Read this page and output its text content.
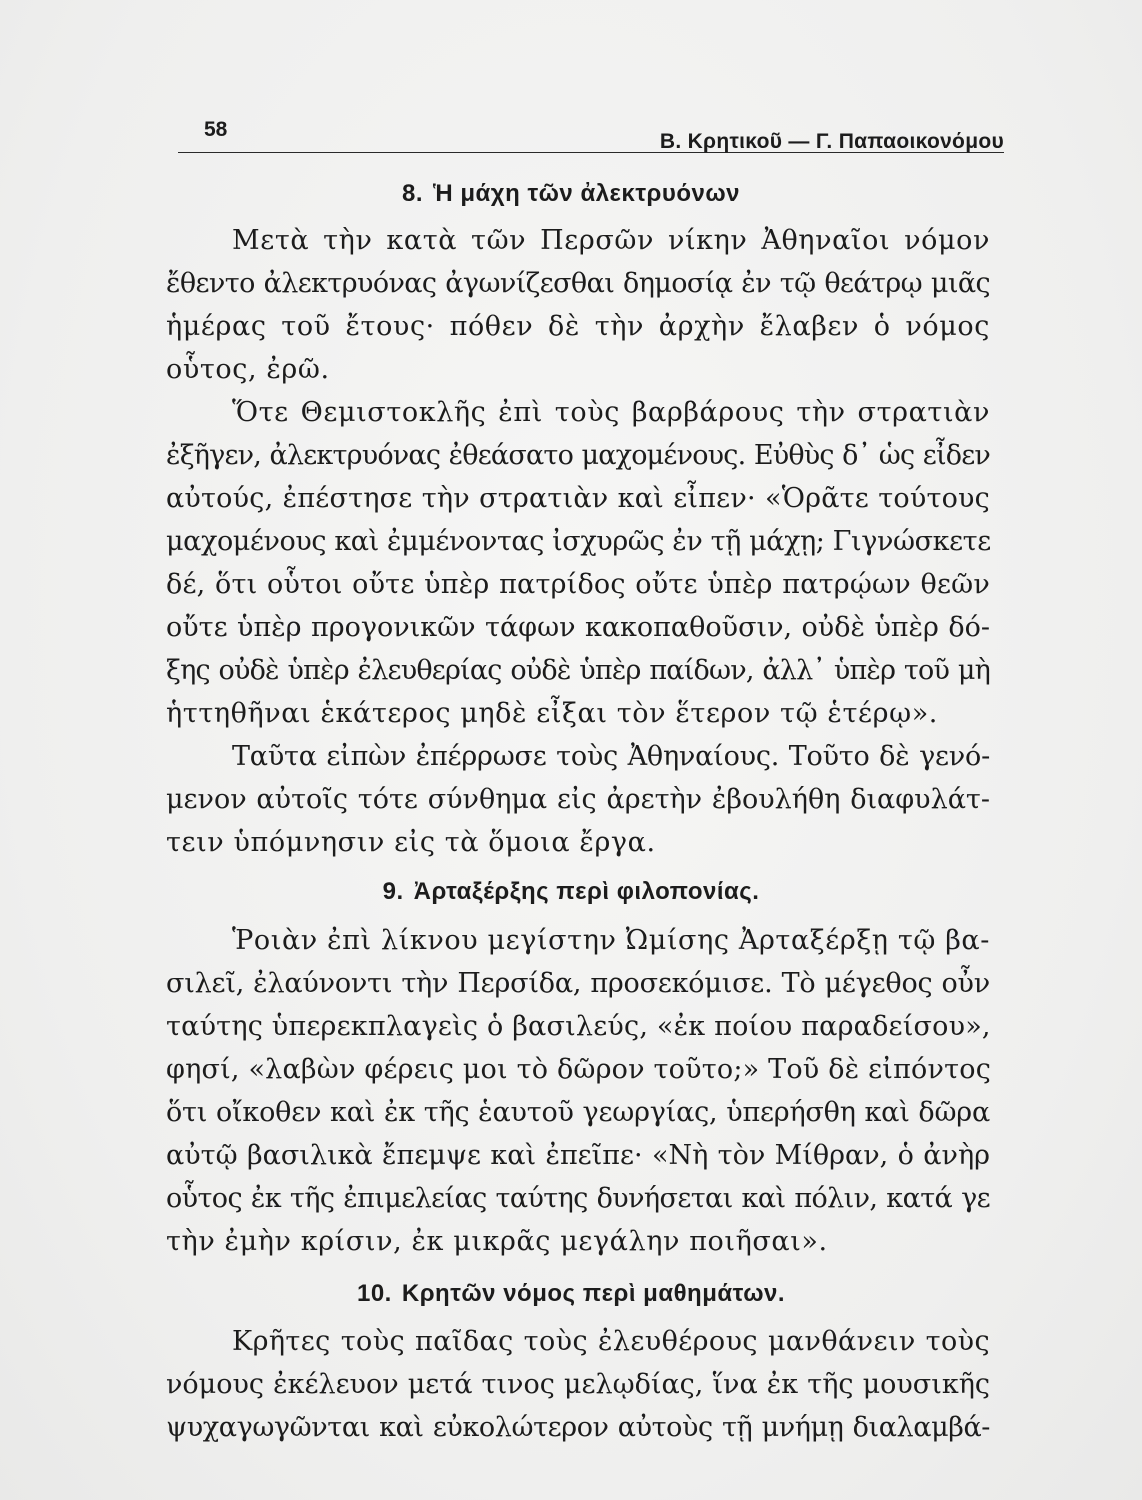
58
Β. Κρητικοῦ — Γ. Παπαοικονόμου
8. Ἡ μάχη τῶν ἀλεκτρυόνων
Μετὰ τὴν κατὰ τῶν Περσῶν νίκην Ἀθηναῖοι νόμον
ἔθεντο ἀλεκτρυόνας ἀγωνίζεσθαι δημοσίᾳ ἐν τῷ θεάτρῳ μιᾶς
ἡμέρας τοῦ ἔτους· πόθεν δὲ τὴν ἀρχὴν ἔλαβεν ὁ νόμος
οὗτος, ἐρῶ.
Ὅτε Θεμιστοκλῆς ἐπὶ τοὺς βαρβάρους τὴν στρατιὰν
ἐξῆγεν, ἀλεκτρυόνας ἐθεάσατο μαχομένους. Εὐθὺς δ᾽ ὡς εἶδεν
αὐτούς, ἐπέστησε τὴν στρατιὰν καὶ εἶπεν· «Ὁρᾶτε τούτους
μαχομένους καὶ ἐμμένοντας ἰσχυρῶς ἐν τῇ μάχῃ; Γιγνώσκετε
δέ, ὅτι οὗτοι οὔτε ὑπὲρ πατρίδος οὔτε ὑπὲρ πατρῴων θεῶν
οὔτε ὑπὲρ προγονικῶν τάφων κακοπαθοῦσιν, οὐδὲ ὑπὲρ δό-
ξης οὐδὲ ὑπὲρ ἐλευθερίας οὐδὲ ὑπὲρ παίδων, ἀλλ᾽ ὑπὲρ τοῦ μὴ
ἡττηθῆναι ἑκάτερος μηδὲ εἶξαι τὸν ἕτερον τῷ ἑτέρῳ».
Ταῦτα εἰπὼν ἐπέρρωσε τοὺς Ἀθηναίους. Τοῦτο δὲ γενό-
μενον αὐτοῖς τότε σύνθημα εἰς ἀρετὴν ἐβουλήθη διαφυλάτ-
τειν ὑπόμνησιν εἰς τὰ ὅμοια ἔργα.
9. Ἀρταξέρξης περὶ φιλοπονίας.
Ῥοιὰν ἐπὶ λίκνου μεγίστην Ὠμίσης Ἀρταξέρξῃ τῷ βα-
σιλεῖ, ἐλαύνοντι τὴν Περσίδα, προσεκόμισε. Τὸ μέγεθος οὖν
ταύτης ὑπερεκπλαγεὶς ὁ βασιλεύς, «ἐκ ποίου παραδείσου»,
φησί, «λαβὼν φέρεις μοι τὸ δῶρον τοῦτο;» Τοῦ δὲ εἰπόντος
ὅτι οἴκοθεν καὶ ἐκ τῆς ἑαυτοῦ γεωργίας, ὑπερήσθη καὶ δῶρα
αὐτῷ βασιλικὰ ἔπεμψε καὶ ἐπεῖπε· «Νὴ τὸν Μίθραν, ὁ ἀνὴρ
οὗτος ἐκ τῆς ἐπιμελείας ταύτης δυνήσεται καὶ πόλιν, κατά γε
τὴν ἐμὴν κρίσιν, ἐκ μικρᾶς μεγάλην ποιῆσαι».
10. Κρητῶν νόμος περὶ μαθημάτων.
Κρῆτες τοὺς παῖδας τοὺς ἐλευθέρους μανθάνειν τοὺς
νόμους ἐκέλευον μετά τινος μελῳδίας, ἵνα ἐκ τῆς μουσικῆς
ψυχαγωγῶνται καὶ εὐκολώτερον αὐτοὺς τῇ μνήμῃ διαλαμβά-
